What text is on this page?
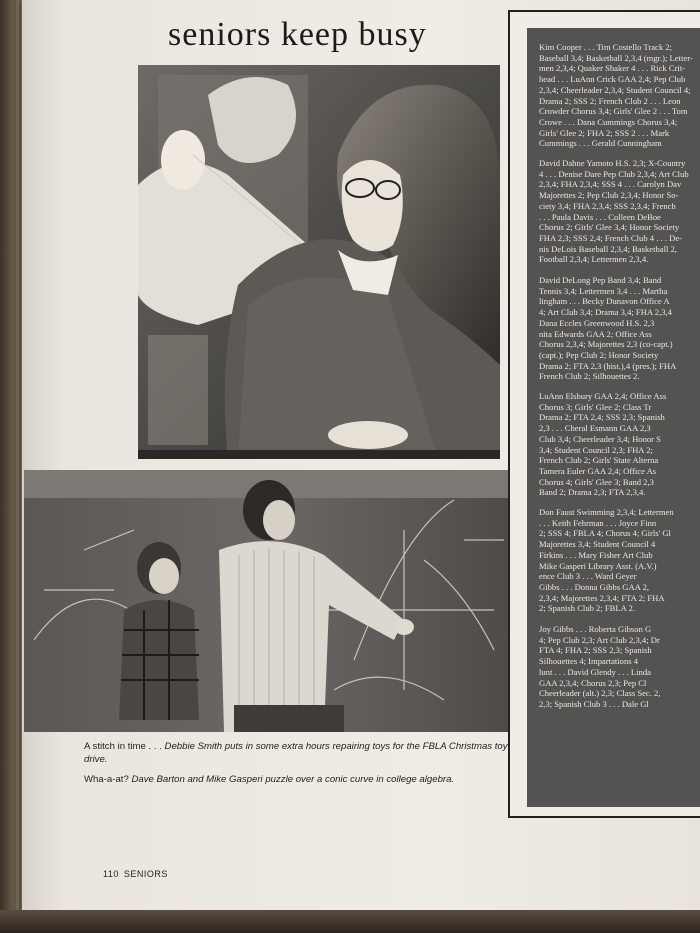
seniors keep busy

A stitch in time . . . Debbie Smith puts in some extra hours repairing toys for the FBLA Christmas toy drive.

Wha-a-at? Dave Barton and Mike Gasperi puzzle over a conic curve in college algebra.

110 SENIORS
Kim Cooper . . . Tim Costello Track 2;
Baseball 3,4; Basketball 2,3,4 (mgr.); Letter-
men 2,3,4; Quaker Shaker 4 . . . Rick Crit-
head . . . LuAnn Crick GAA 2,4; Pep Club
2,3,4; Cheerleader 2,3,4; Student Council 4;
Drama 2; SSS 2; French Club 2 . . . Leon
Crowder Chorus 3,4; Girls' Glee 2 . . . Tom
Crowe . . . Dana Cummings Chorus 3,4;
Girls' Glee 2; FHA 2; SSS 2 . . . Mark
Cummings . . . Gerald Cunningham
David Dahne Yamoto H.S. 2,3; X-Country
4 . . . Denise Dare Pep Club 2,3,4; Art Club
2,3,4; FHA 2,3,4; SSS 4 . . . Carolyn Dav
Majorettes 2; Pep Club 2,3,4; Honor So-
ciety 3,4; FHA 2,3,4; SSS 2,3,4; French
. . . Paula Davis . . . Colleen DeBoe
Chorus 2; Girls' Glee 3,4; Honor Society
FHA 2,3; SSS 2,4; French Club 4 . . . De-
nis DeLois Baseball 2,3,4; Basketball 2,
Football 2,3,4; Lettermen 2,3,4.
David DeLong Pep Band 3,4; Band
Tennis 3,4; Lettermen 3,4 . . . Martha
lingham . . . Becky Dunavon Office A
4; Art Club 3,4; Drama 3,4; FHA 2,3,4
Dana Eccles Greenwood H.S. 2,3
nita Edwards GAA 2; Office Ass
Chorus 2,3,4; Majorettes 2,3 (co-capt.)
(capt.); Pep Club 2; Honor Society
Drama 2; FTA 2,3 (hist.),4 (pres.); FHA
French Club 2; Silhouettes 2.
LuAnn Elsbury GAA 2,4; Office Ass
Chorus 3; Girls' Glee 2; Class Tr
Drama 2; FTA 2,4; SSS 2,3; Spanish
2,3 . . . Cheral Esmann GAA 2,3
Club 3,4; Cheerleader 3,4; Honor S
3,4; Student Council 2,3; FHA 2;
French Club 2; Girls' State Alterna
Tamera Euler GAA 2,4; Office As
Chorus 4; Girls' Glee 3; Band 2,3
Band 2; Drama 2,3; FTA 2,3,4.
Don Faust Swimming 2,3,4; Lettermen
. . . Keith Fehrman . . . Joyce Finn
2; SSS 4; FBLA 4; Chorus 4; Girls' Gl
Majorettes 3,4; Student Council 4
Firkins . . . Mary Fisher Art Club
Mike Gasperi Library Asst. (A.V.)
ence Club 3 . . . Ward Geyer
Gibbs . . . Donna Gibbs GAA 2,
2,3,4; Majorettes 2,3,4; FTA 2; FHA
2; Spanish Club 2; FBLA 2.
Joy Gibbs . . . Roberta Gibson G
4; Pep Club 2,3; Art Club 2,3,4; Dr
FTA 4; FHA 2; SSS 2,3; Spanish
Silhouettes 4; Impartations 4
lunt . . . David Glendy . . . Linda
GAA 2,3,4; Chorus 2,3; Pep Cl
Cheerleader (alt.) 2,3; Class Sec. 2,
2,3; Spanish Club 3 . . . Dale Gl
